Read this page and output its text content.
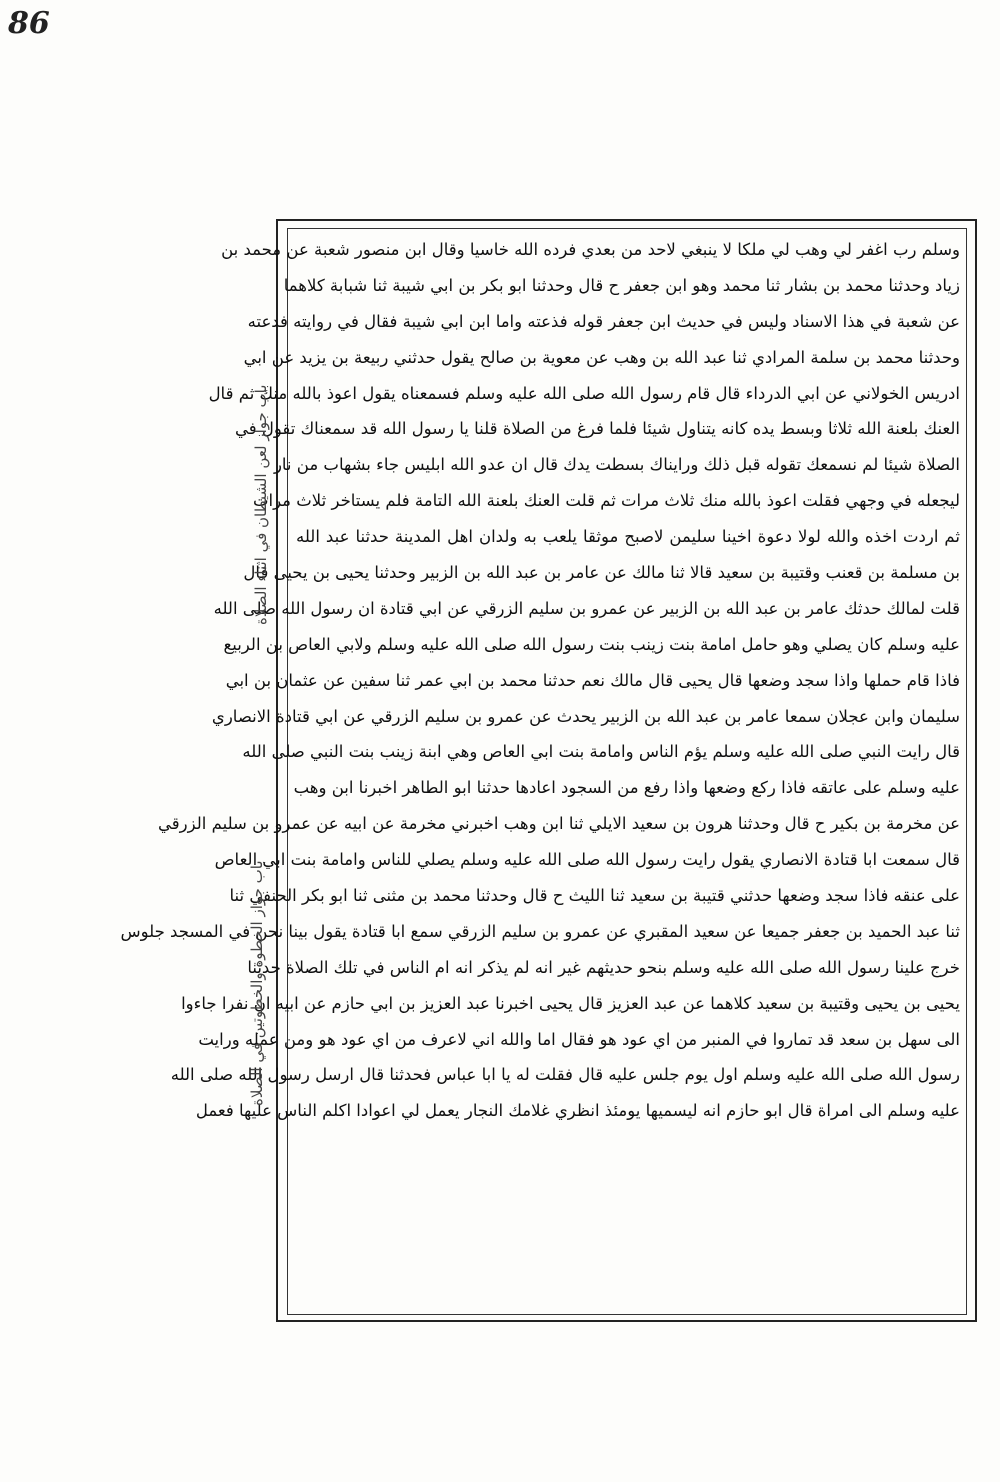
86
وسلم رب اغفر لي وهب لي ملكا لا ينبغي لاحد من بعدي فرده الله خاسيا وقال ابن منصور شعبة عن محمد بن
زياد وحدثنا محمد بن بشار ثنا محمد وهو ابن جعفر ح قال وحدثنا ابو بكر بن ابي شيبة ثنا شبابة كلاهما
عن شعبة في هذا الاسناد وليس في حديث ابن جعفر قوله فذعته واما ابن ابي شيبة فقال في روايته فدعته
وحدثنا محمد بن سلمة المرادي ثنا عبد الله بن وهب عن معوية بن صالح يقول حدثني ربيعة بن يزيد عن ابي
ادريس الخولاني عن ابي الدرداء قال قام رسول الله صلى الله عليه وسلم فسمعناه يقول اعوذ بالله منك ثم قال
العنك بلعنة الله ثلاثا وبسط يده كانه يتناول شيئا فلما فرغ من الصلاة قلنا يا رسول الله قد سمعناك تقول في
الصلاة شيئا لم نسمعك تقوله قبل ذلك ورايناك بسطت يدك قال ان عدو الله ابليس جاء بشهاب من نار
ليجعله في وجهي فقلت اعوذ بالله منك ثلاث مرات ثم قلت العنك بلعنة الله التامة فلم يستاخر ثلاث مرات
ثم اردت اخذه والله لولا دعوة اخينا سليمن لاصبح موثقا يلعب به ولدان اهل المدينة حدثنا عبد الله
بن مسلمة بن قعنب وقتيبة بن سعيد قالا ثنا مالك عن عامر بن عبد الله بن الزبير وحدثنا يحيى بن يحيى قال
قلت لمالك حدثك عامر بن عبد الله بن الزبير عن عمرو بن سليم الزرقي عن ابي قتادة ان رسول الله صلى الله
عليه وسلم كان يصلي وهو حامل امامة بنت زينب بنت رسول الله صلى الله عليه وسلم ولابي العاص بن الربيع
فاذا قام حملها واذا سجد وضعها قال يحيى قال مالك نعم حدثنا محمد بن ابي عمر ثنا سفين عن عثمان بن ابي
سليمان وابن عجلان سمعا عامر بن عبد الله بن الزبير يحدث عن عمرو بن سليم الزرقي عن ابي قتادة الانصاري
قال رايت النبي صلى الله عليه وسلم يؤم الناس وامامة بنت ابي العاص وهي ابنة زينب بنت النبي صلى الله
عليه وسلم على عاتقه فاذا ركع وضعها واذا رفع من السجود اعادها حدثنا ابو الطاهر اخبرنا ابن وهب
عن مخرمة بن بكير ح قال وحدثنا هرون بن سعيد الايلي ثنا ابن وهب اخبرني مخرمة عن ابيه عن عمرو بن سليم الزرقي
قال سمعت ابا قتادة الانصاري يقول رايت رسول الله صلى الله عليه وسلم يصلي للناس وامامة بنت ابي العاص
على عنقه فاذا سجد وضعها حدثني قتيبة بن سعيد ثنا الليث ح قال وحدثنا محمد بن مثنى ثنا ابو بكر الحنفي ثنا
ثنا عبد الحميد بن جعفر جميعا عن سعيد المقبري عن عمرو بن سليم الزرقي سمع ابا قتادة يقول بينا نحن في المسجد جلوس
خرج علينا رسول الله صلى الله عليه وسلم بنحو حديثهم غير انه لم يذكر انه ام الناس في تلك الصلاة حدثنا
يحيى بن يحيى وقتيبة بن سعيد كلاهما عن عبد العزيز قال يحيى اخبرنا عبد العزيز بن ابي حازم عن ابيه ان نفرا جاءوا
الى سهل بن سعد قد تماروا في المنبر من اي عود هو فقال اما والله اني لاعرف من اي عود هو ومن عمله ورايت
رسول الله صلى الله عليه وسلم اول يوم جلس عليه قال فقلت له يا ابا عباس فحدثنا قال ارسل رسول الله صلى الله
عليه وسلم الى امراة قال ابو حازم انه ليسميها يومئذ انظري غلامك النجار يعمل لي اعوادا اكلم الناس عليها فعمل
باب جواز لعن الشيطان في اثناء الصلاة
باب جواز الخطوة والخطوتين في الصلاة
